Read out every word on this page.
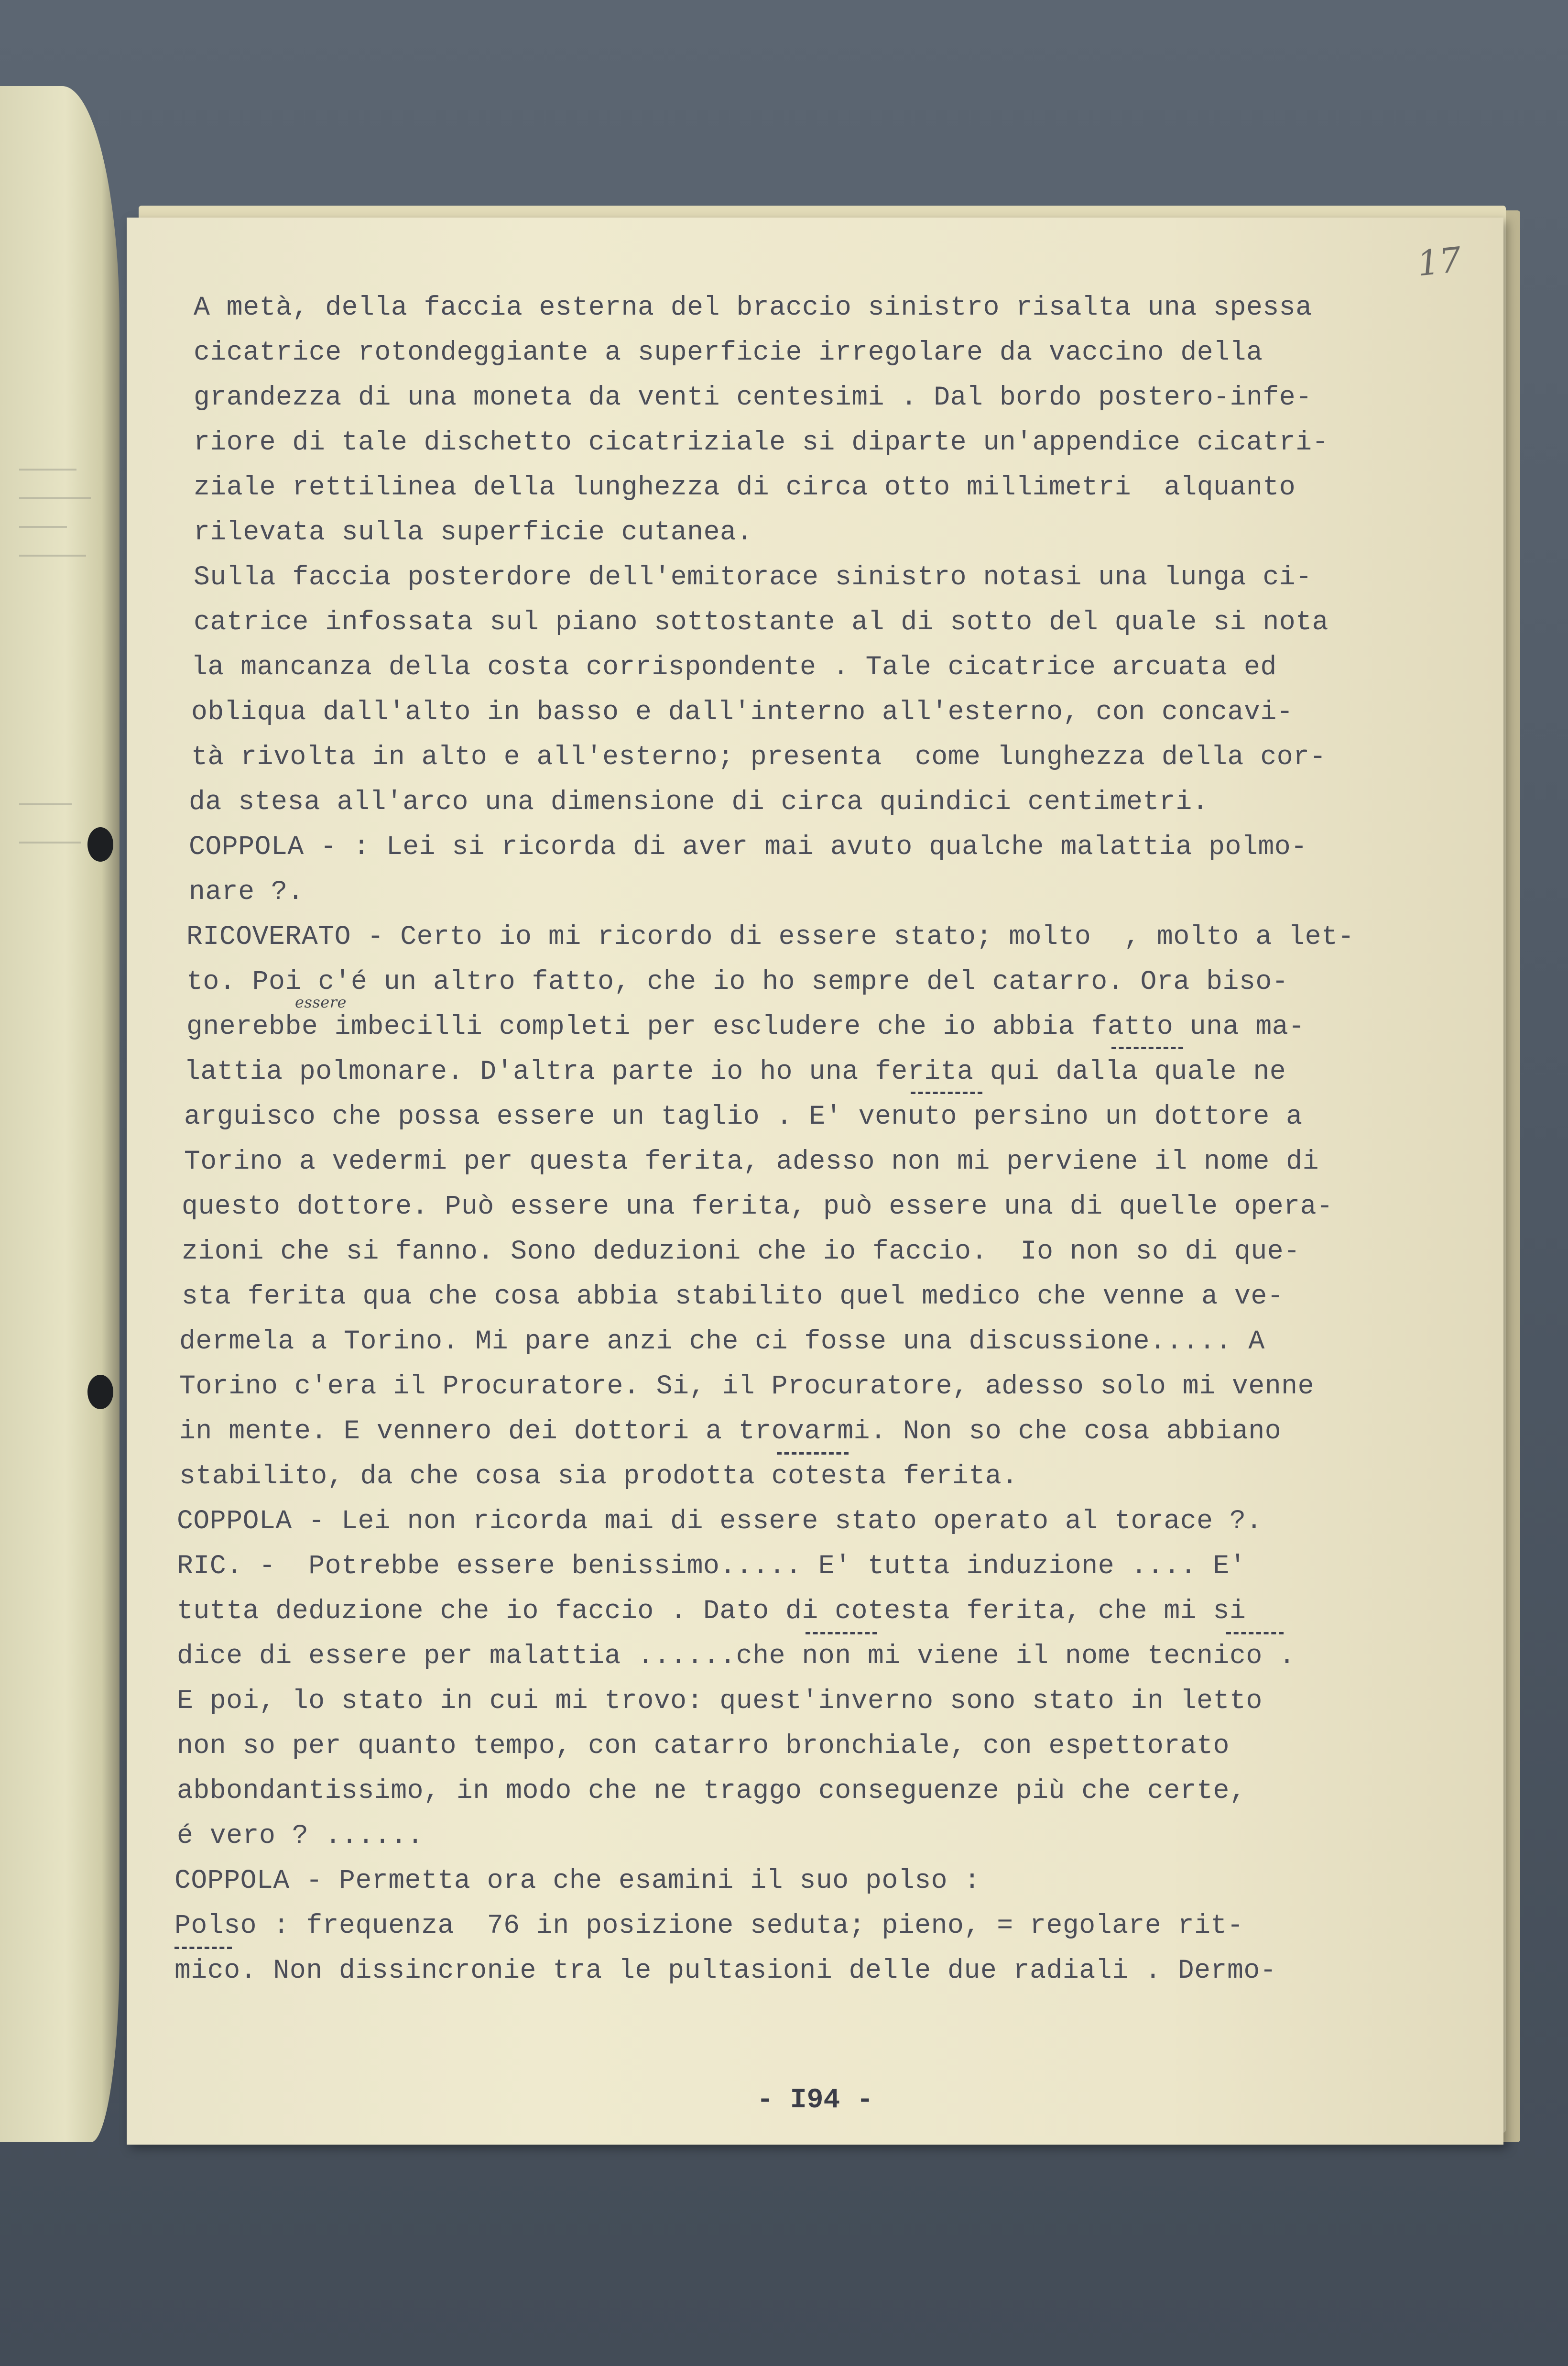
17
A metà, della faccia esterna del braccio sinistro risalta una spessa
cicatrice rotondeggiante a superficie irregolare da vaccino della
grandezza di una moneta da venti centesimi . Dal bordo postero-infe-
riore di tale dischetto cicatriziale si diparte un'appendice cicatri-
ziale rettilinea della lunghezza di circa otto millimetri  alquanto
rilevata sulla superficie cutanea.
Sulla faccia posterdore dell'emitorace sinistro notasi una lunga ci-
catrice infossata sul piano sottostante al di sotto del quale si nota
la mancanza della costa corrispondente . Tale cicatrice arcuata ed
obliqua dall'alto in basso e dall'interno all'esterno, con concavi-
tà rivolta in alto e all'esterno; presenta  come lunghezza della cor-
da stesa all'arco una dimensione di circa quindici centimetri.
COPPOLA - : Lei si ricorda di aver mai avuto qualche malattia polmo-
nare ?.
RICOVERATO - Certo io mi ricordo di essere stato; molto  , molto a let-
to. Poi c'é un altro fatto, che io ho sempre del catarro. Ora biso-
essere
gnerebbe imbecilli completi per escludere che io abbia fatto una ma-
lattia polmonare. D'altra parte io ho una ferita qui dalla quale ne
arguisco che possa essere un taglio . E' venuto persino un dottore a
Torino a vedermi per questa ferita, adesso non mi perviene il nome di
questo dottore. Può essere una ferita, può essere una di quelle opera-
zioni che si fanno. Sono deduzioni che io faccio.  Io non so di que-
sta ferita qua che cosa abbia stabilito quel medico che venne a ve-
dermela a Torino. Mi pare anzi che ci fosse una discussione..... A
Torino c'era il Procuratore. Si, il Procuratore, adesso solo mi venne
in mente. E vennero dei dottori a trovarmi. Non so che cosa abbiano
stabilito, da che cosa sia prodotta cotesta ferita.
COPPOLA - Lei non ricorda mai di essere stato operato al torace ?.
RIC. -  Potrebbe essere benissimo..... E' tutta induzione .... E'
tutta deduzione che io faccio . Dato di cotesta ferita, che mi si
dice di essere per malattia ......che non mi viene il nome tecnico .
E poi, lo stato in cui mi trovo: quest'inverno sono stato in letto
non so per quanto tempo, con catarro bronchiale, con espettorato
abbondantissimo, in modo che ne traggo conseguenze più che certe,
é vero ? ......
COPPOLA - Permetta ora che esamini il suo polso :
Polso : frequenza  76 in posizione seduta; pieno, = regolare rit-
mico. Non dissincronie tra le pultasioni delle due radiali . Dermo-
- I94 -
